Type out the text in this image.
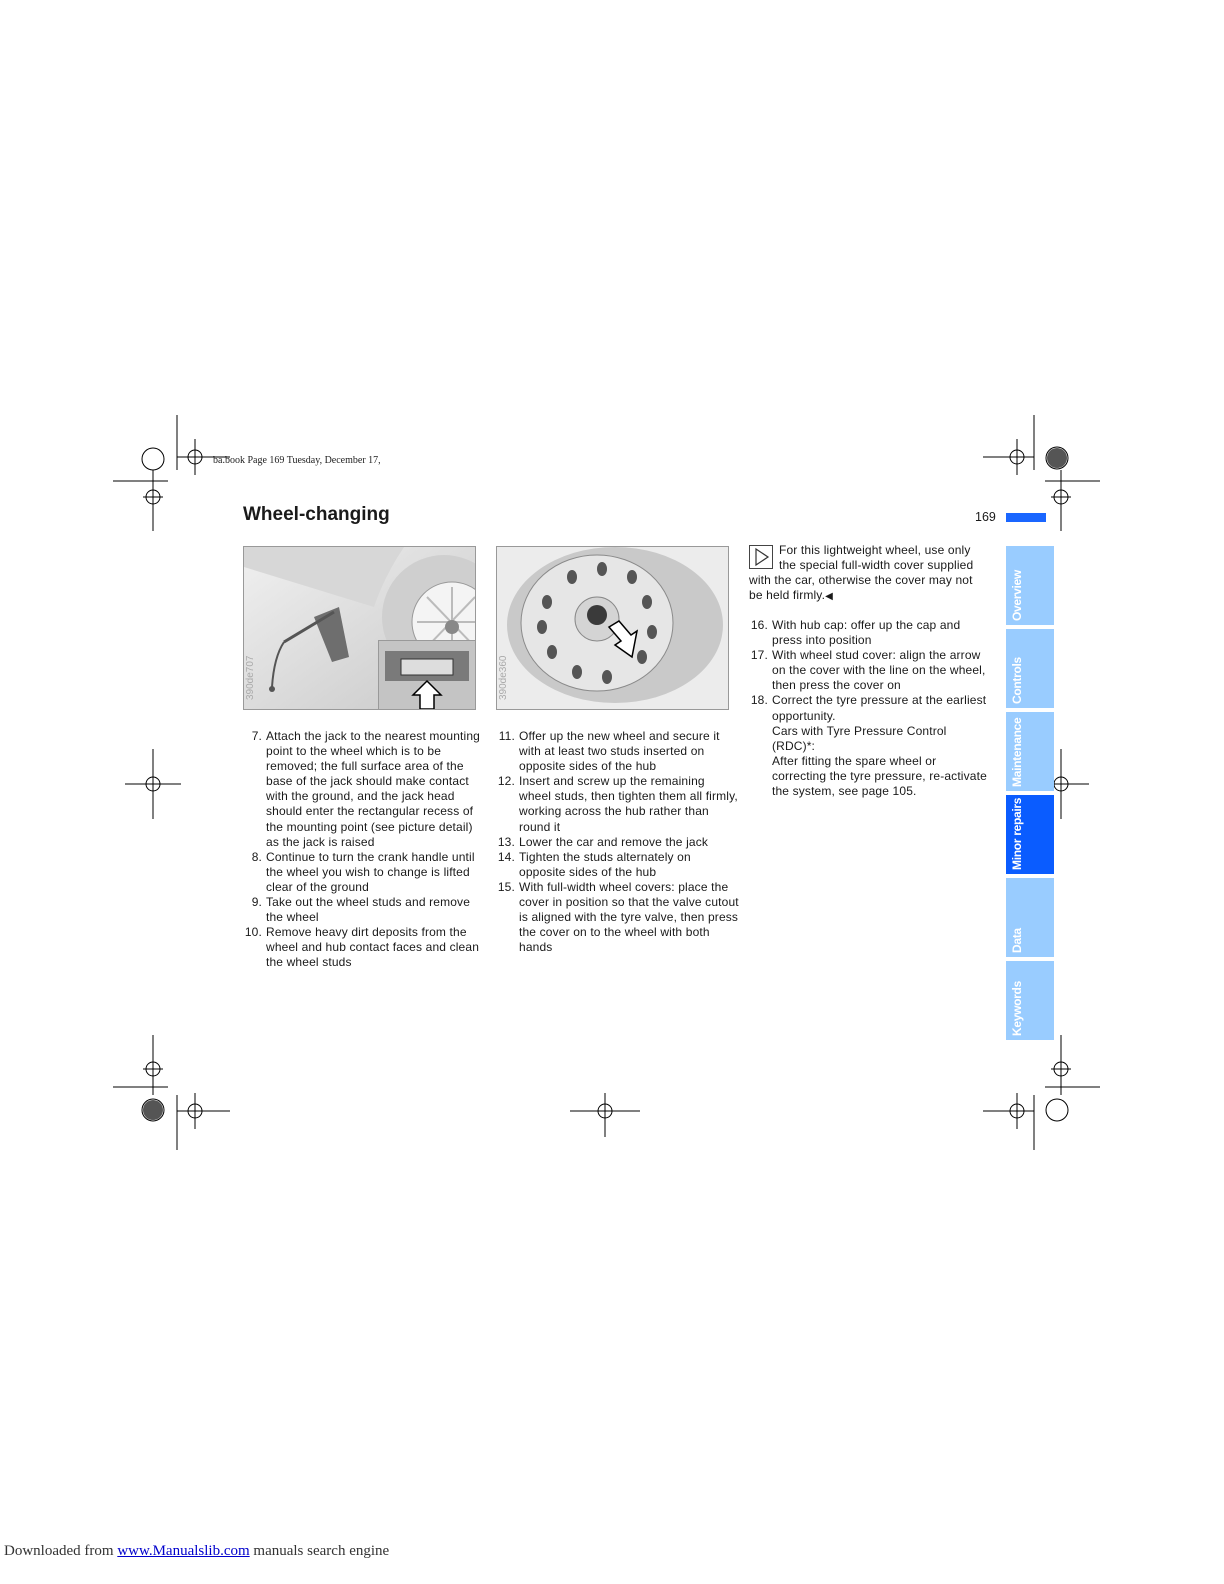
ba.book Page 169 Tuesday, December 17,
Wheel-changing	169
390de707	390de360
7. Attach the jack to the nearest mounting point to the wheel which is to be removed; the full surface area of the base of the jack should make contact with the ground, and the jack head should enter the rectangular recess of the mounting point (see picture detail) as the jack is raised
8. Continue to turn the crank handle until the wheel you wish to change is lifted clear of the ground
9. Take out the wheel studs and remove the wheel
10. Remove heavy dirt deposits from the wheel and hub contact faces and clean the wheel studs
11. Offer up the new wheel and secure it with at least two studs inserted on opposite sides of the hub
12. Insert and screw up the remaining wheel studs, then tighten them all firmly, working across the hub rather than round it
13. Lower the car and remove the jack
14. Tighten the studs alternately on opposite sides of the hub
15. With full-width wheel covers: place the cover in position so that the valve cutout is aligned with the tyre valve, then press the cover on to the wheel with both hands
For this lightweight wheel, use only the special full-width cover supplied with the car, otherwise the cover may not be held firmly.◀
16. With hub cap: offer up the cap and press into position
17. With wheel stud cover: align the arrow on the cover with the line on the wheel, then press the cover on
18. Correct the tyre pressure at the earliest opportunity.
Cars with Tyre Pressure Control (RDC)*:
After fitting the spare wheel or correcting the tyre pressure, re-activate the system, see page 105.
Overview
Controls
Maintenance
Minor repairs
Data
Keywords
Downloaded from www.Manualslib.com manuals search engine
